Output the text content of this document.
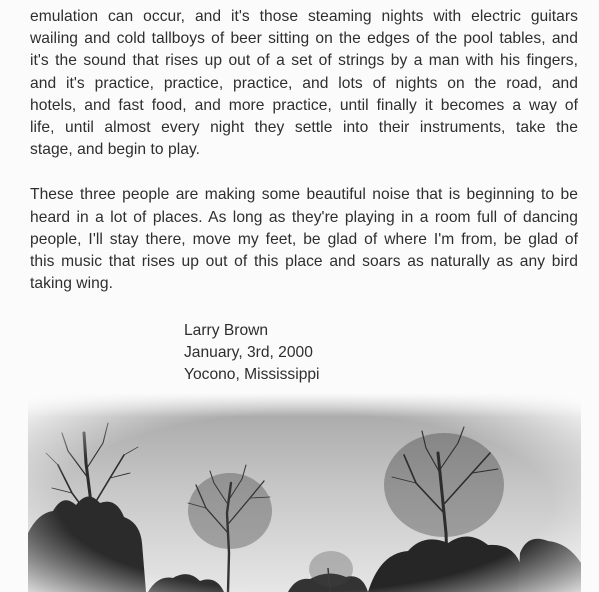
emulation can occur, and it's those steaming nights with electric guitars
wailing and cold tallboys of beer sitting on the edges of the pool tables, and
it's the sound that rises up out of a set of strings by a man with his fingers,
and it's practice, practice, practice, and lots of nights on the road, and
hotels, and fast food, and more practice, until finally it becomes a way of
life, until almost every night they settle into their instruments, take the
stage, and begin to play.
These three people are making some beautiful noise that is beginning to be
heard in a lot of places. As long as they're playing in a room full of dancing
people, I'll stay there, move my feet, be glad of where I'm from, be glad of
this music that rises up out of this place and soars as naturally as any bird
taking wing.
Larry Brown
January, 3rd, 2000
Yocono, Mississippi
